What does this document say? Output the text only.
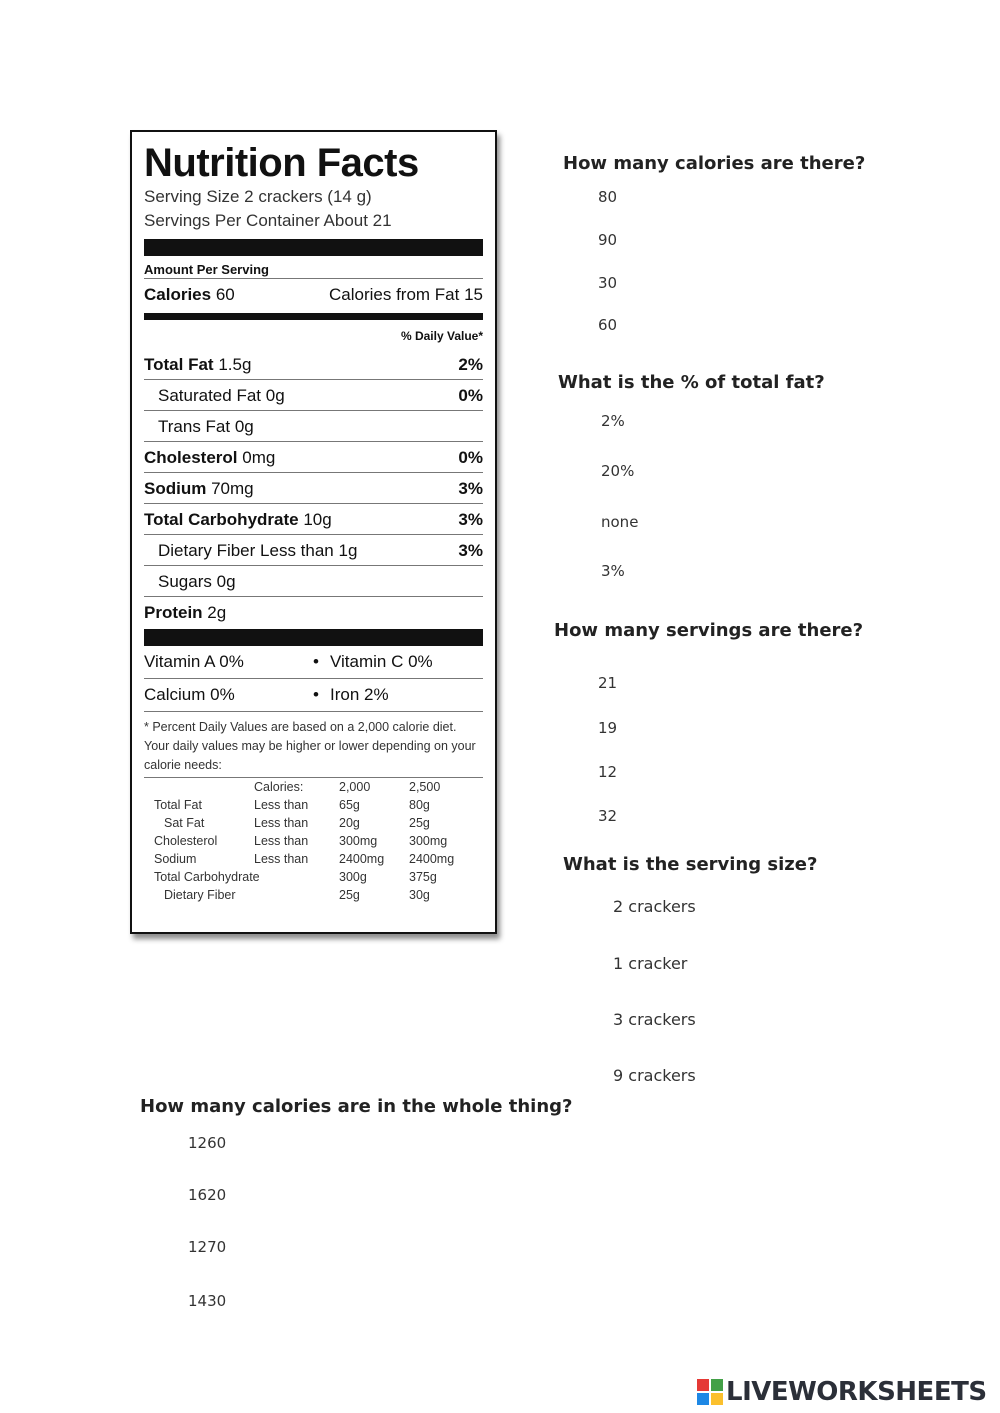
Nutrition Facts
Serving Size 2 crackers (14 g)
Servings Per Container About 21
Amount Per Serving
Calories 60	Calories from Fat 15
% Daily Value*
Total Fat 1.5g	2%
Saturated Fat 0g	0%
Trans Fat 0g
Cholesterol 0mg	0%
Sodium 70mg	3%
Total Carbohydrate 10g	3%
Dietary Fiber Less than 1g	3%
Sugars 0g
Protein 2g
Vitamin A 0%	• Vitamin C 0%
Calcium 0%	• Iron 2%
* Percent Daily Values are based on a 2,000 calorie diet. Your daily values may be higher or lower depending on your calorie needs:
	Calories:	2,000	2,500
Total Fat	Less than	65g	80g
Sat Fat	Less than	20g	25g
Cholesterol	Less than	300mg	300mg
Sodium	Less than	2400mg	2400mg
Total Carbohydrate		300g	375g
Dietary Fiber		25g	30g
How many calories are there?
80
90
30
60
What is the % of total fat?
2%
20%
none
3%
How many servings are there?
21
19
12
32
What is the serving size?
2 crackers
1 cracker
3 crackers
9 crackers
How many calories are in the whole thing?
1260
1620
1270
1430
LIVEWORKSHEETS
